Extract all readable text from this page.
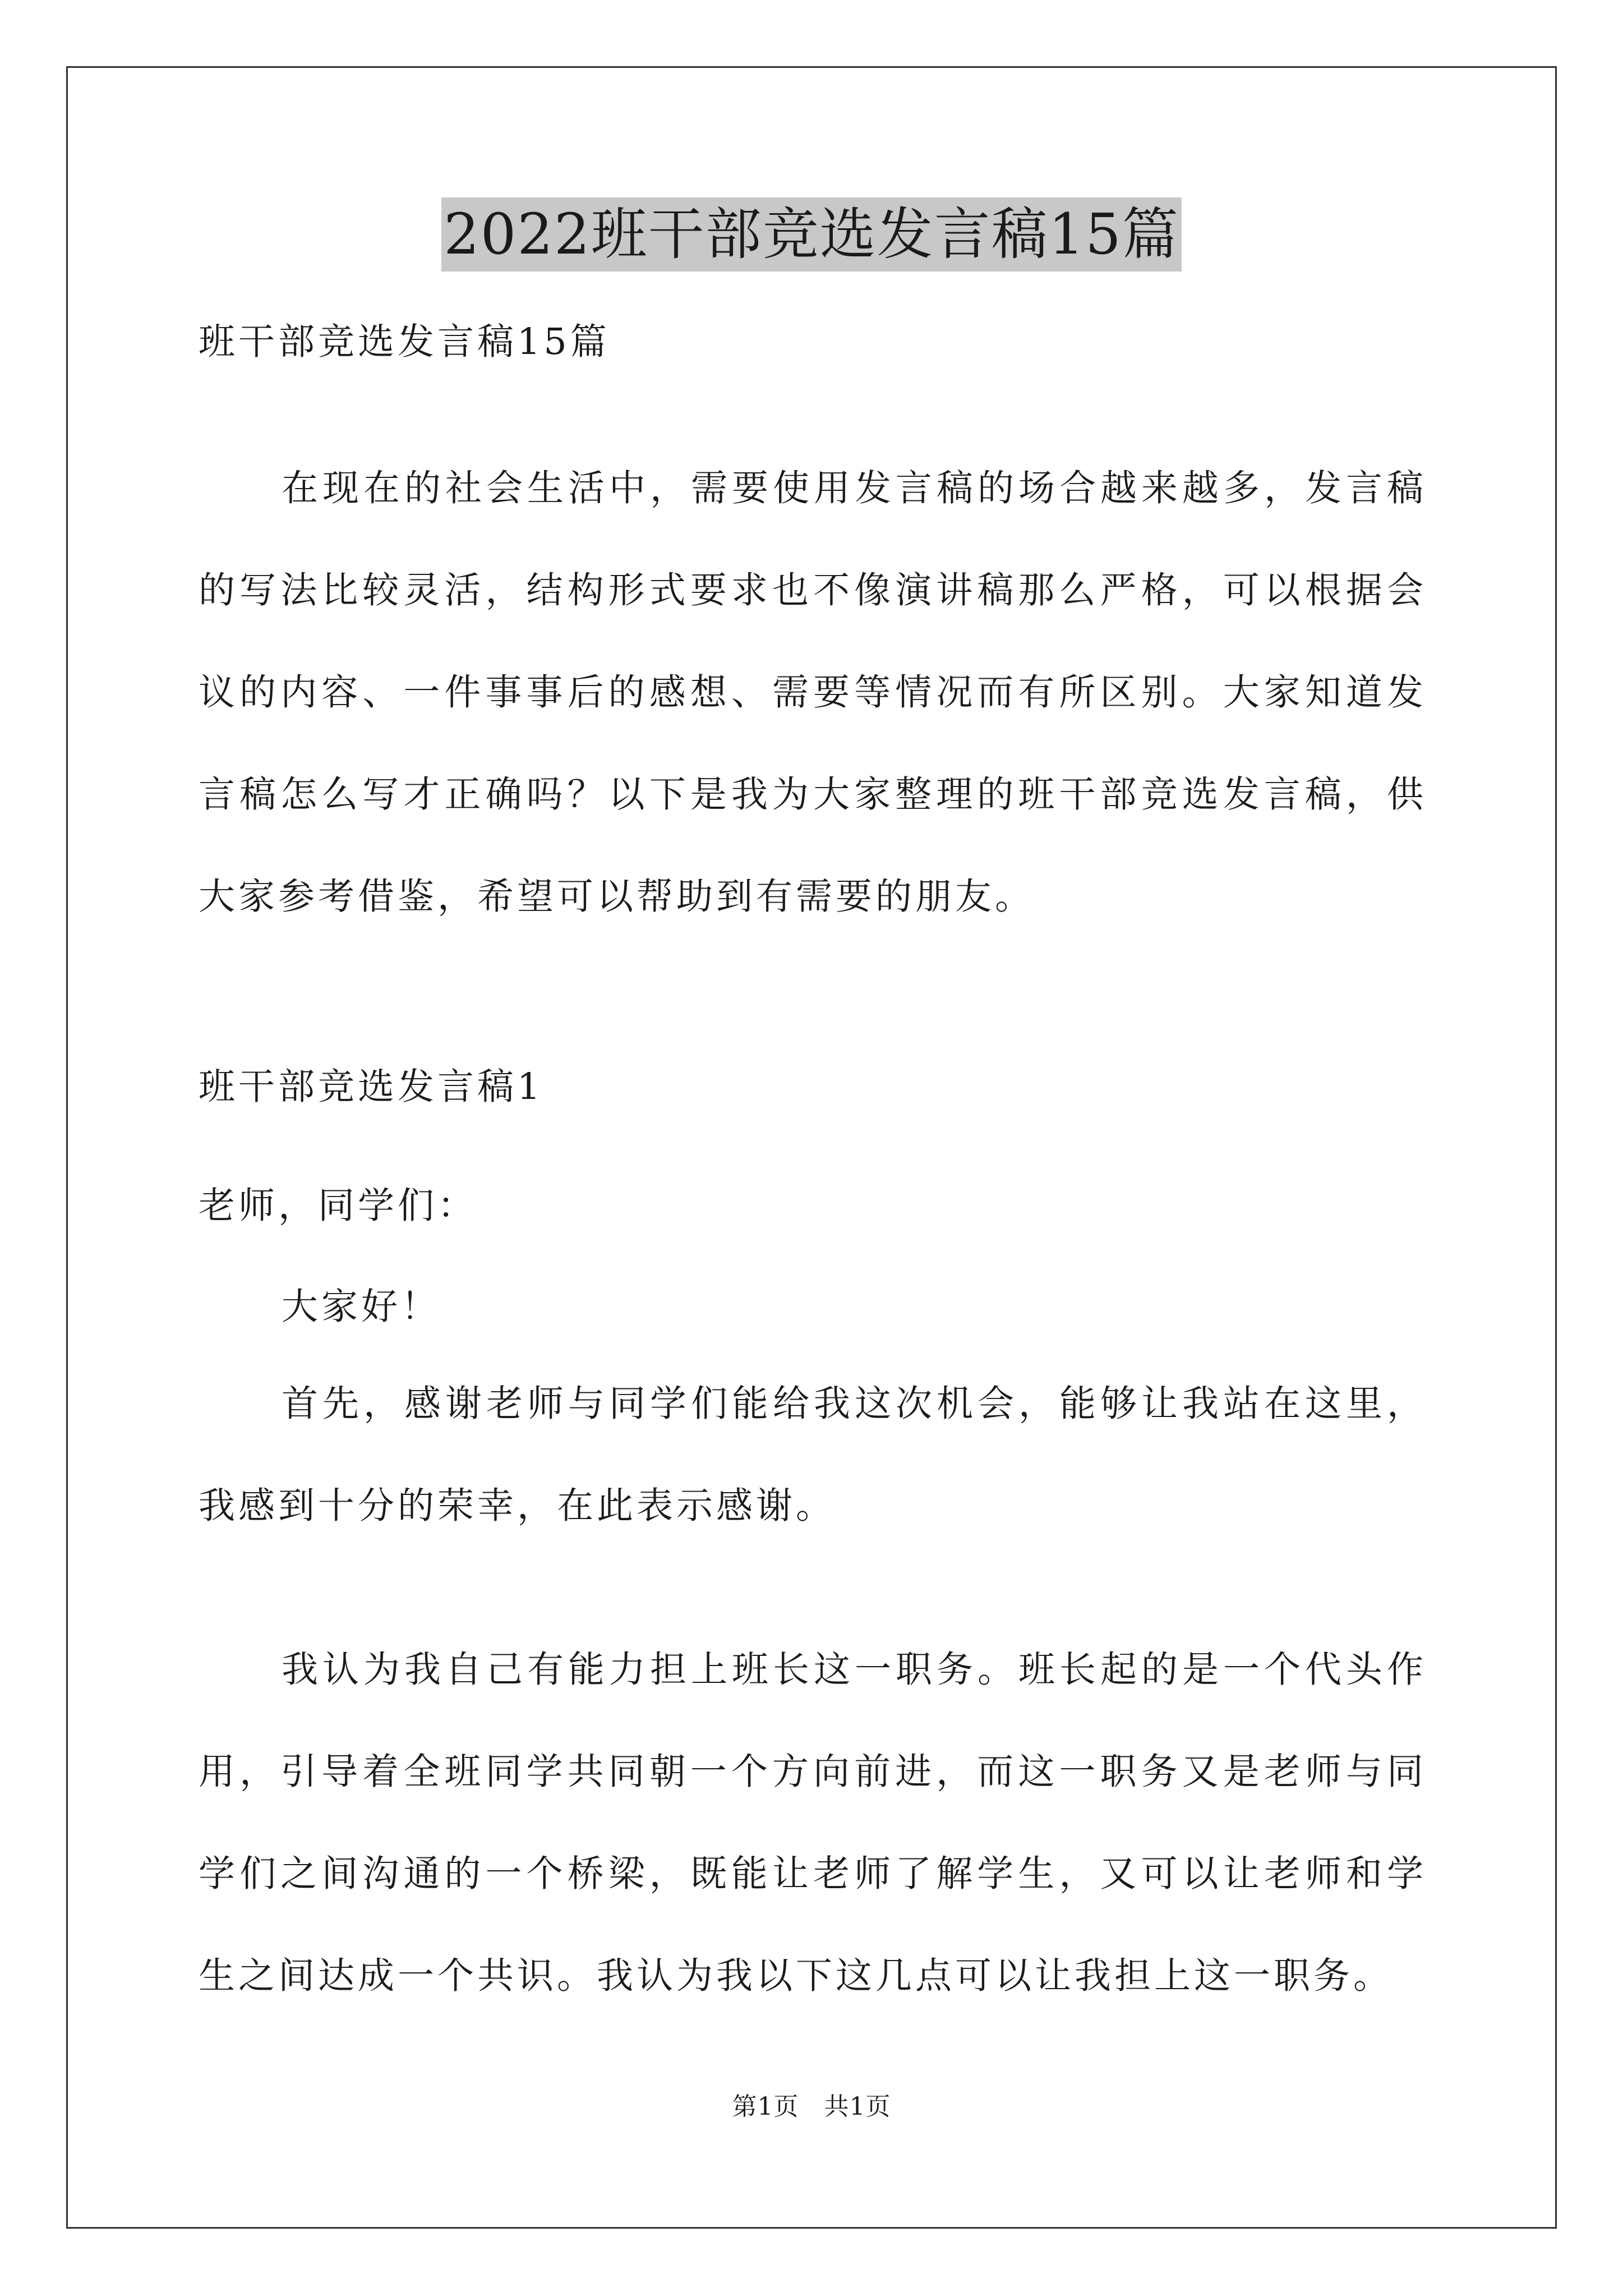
2022班干部竞选发言稿15篇
班干部竞选发言稿15篇

在现在的社会生活中，需要使用发言稿的场合越来越多，发言稿的写法比较灵活，结构形式要求也不像演讲稿那么严格，可以根据会议的内容、一件事事后的感想、需要等情况而有所区别。大家知道发言稿怎么写才正确吗？以下是我为大家整理的班干部竞选发言稿，供大家参考借鉴，希望可以帮助到有需要的朋友。

班干部竞选发言稿1
老师，同学们：

大家好！

首先，感谢老师与同学们能给我这次机会，能够让我站在这里，我感到十分的荣幸，在此表示感谢。

我认为我自己有能力担上班长这一职务。班长起的是一个代头作用，引导着全班同学共同朝一个方向前进，而这一职务又是老师与同学们之间沟通的一个桥梁，既能让老师了解学生，又可以让老师和学生之间达成一个共识。我认为我以下这几点可以让我担上这一职务。

第1页 共1页
